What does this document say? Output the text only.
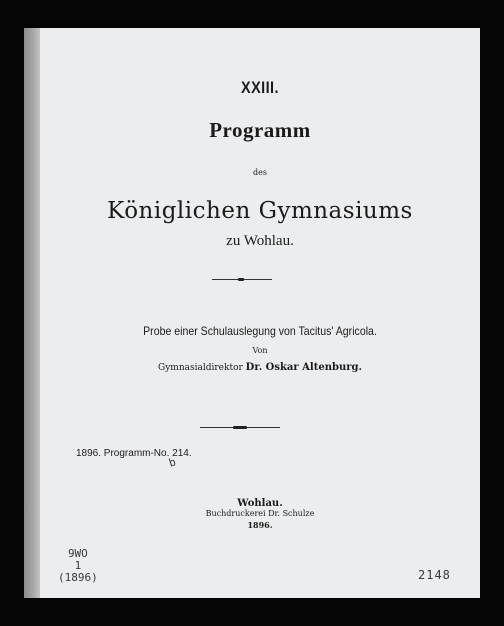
XXIII.
Programm
des
Königlichen Gymnasiums
zu Wohlau.
Probe einer Schulauslegung von Tacitus' Agricola.
Von
Gymnasialdirektor Dr. Oskar Altenburg.
1896. Programm-No. 214.
Wohlau.
Buchdruckerei Dr. Schulze
1896.
9WO
1
(1896)	2148
b
